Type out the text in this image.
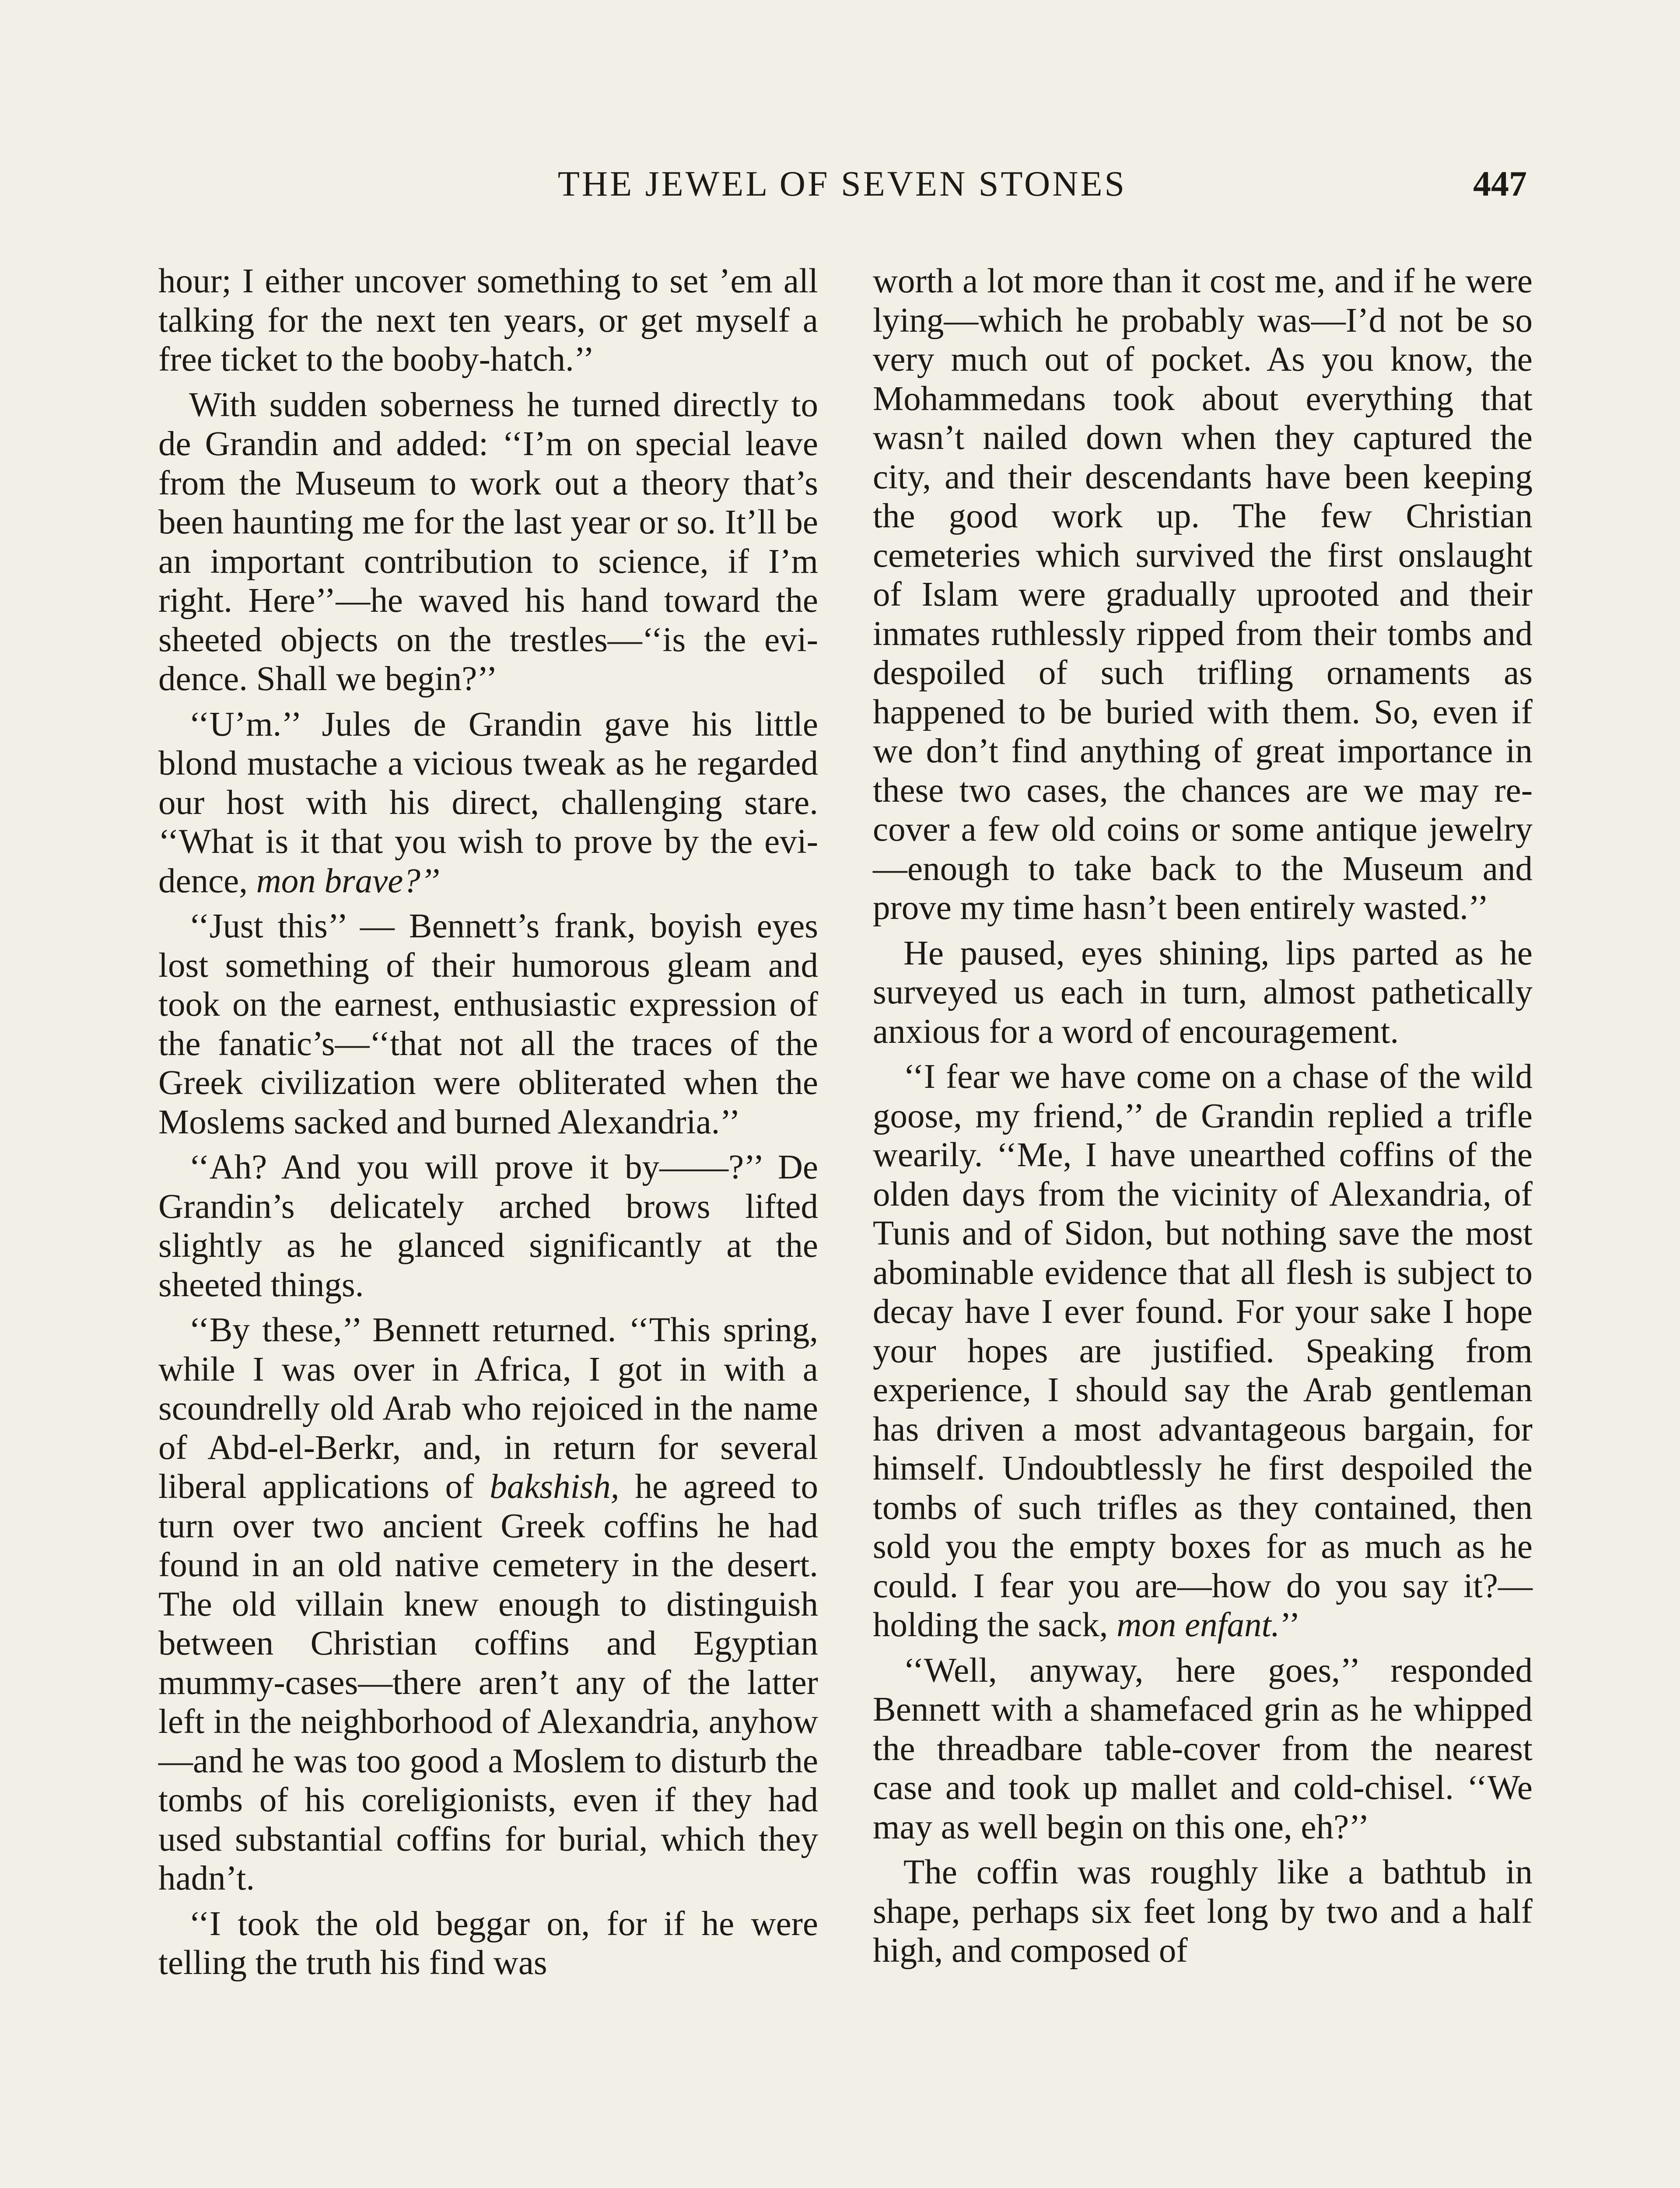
THE JEWEL OF SEVEN STONES	447

hour; I either uncover something to set ’em all talking for the next ten years, or get myself a free ticket to the booby-hatch.’’

With sudden soberness he turned directly to de Grandin and added: ‘‘I’m on special leave from the Museum to work out a theory that’s been haunting me for the last year or so. It’ll be an important contribution to science, if I’m right. Here’’—he waved his hand toward the sheeted objects on the trestles—‘‘is the evidence. Shall we begin?’’

‘‘U’m.’’ Jules de Grandin gave his little blond mustache a vicious tweak as he regarded our host with his direct, challenging stare. ‘‘What is it that you wish to prove by the evidence, mon brave?’’

‘‘Just this’’ — Bennett’s frank, boyish eyes lost something of their humorous gleam and took on the earnest, enthusiastic expression of the fanatic’s—‘‘that not all the traces of the Greek civilization were obliterated when the Moslems sacked and burned Alexandria.’’

‘‘Ah? And you will prove it by——?’’ De Grandin’s delicately arched brows lifted slightly as he glanced significantly at the sheeted things.

‘‘By these,’’ Bennett returned. ‘‘This spring, while I was over in Africa, I got in with a scoundrelly old Arab who rejoiced in the name of Abd-el-Berkr, and, in return for several liberal applications of bakshish, he agreed to turn over two ancient Greek coffins he had found in an old native cemetery in the desert. The old villain knew enough to distinguish between Christian coffins and Egyptian mummy-cases—there aren’t any of the latter left in the neighborhood of Alexandria, anyhow—and he was too good a Moslem to disturb the tombs of his coreligionists, even if they had used substantial coffins for burial, which they hadn’t.

‘‘I took the old beggar on, for if he were telling the truth his find was

worth a lot more than it cost me, and if he were lying—which he probably was—I’d not be so very much out of pocket. As you know, the Mohammedans took about everything that wasn’t nailed down when they captured the city, and their descendants have been keeping the good work up. The few Christian cemeteries which survived the first onslaught of Islam were gradually uprooted and their inmates ruthlessly ripped from their tombs and despoiled of such trifling ornaments as happened to be buried with them. So, even if we don’t find anything of great importance in these two cases, the chances are we may recover a few old coins or some antique jewelry—enough to take back to the Museum and prove my time hasn’t been entirely wasted.’’

He paused, eyes shining, lips parted as he surveyed us each in turn, almost pathetically anxious for a word of encouragement.

‘‘I fear we have come on a chase of the wild goose, my friend,’’ de Grandin replied a trifle wearily. ‘‘Me, I have unearthed coffins of the olden days from the vicinity of Alexandria, of Tunis and of Sidon, but nothing save the most abominable evidence that all flesh is subject to decay have I ever found. For your sake I hope your hopes are justified. Speaking from experience, I should say the Arab gentleman has driven a most advantageous bargain, for himself. Undoubtlessly he first despoiled the tombs of such trifles as they contained, then sold you the empty boxes for as much as he could. I fear you are—how do you say it?—holding the sack, mon enfant.’’

‘‘Well, anyway, here goes,’’ responded Bennett with a shamefaced grin as he whipped the threadbare table-cover from the nearest case and took up mallet and cold-chisel. ‘‘We may as well begin on this one, eh?’’

The coffin was roughly like a bathtub in shape, perhaps six feet long by two and a half high, and composed of
